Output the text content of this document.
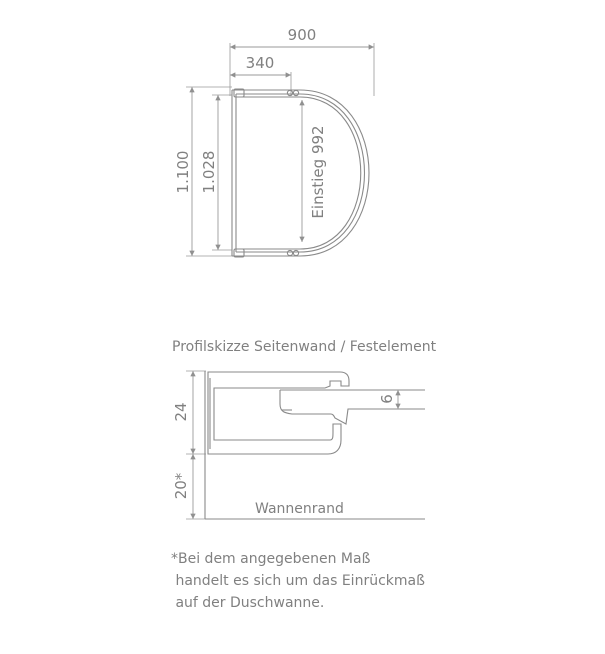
900
340
1.100 1.028	Einstieg 992
Profilskizze Seitenwand / Festelement
24
20*
6
Wannenrand
*Bei dem angegebenen Maß
handelt es sich um das Einrückmaß
auf der Duschwanne.
